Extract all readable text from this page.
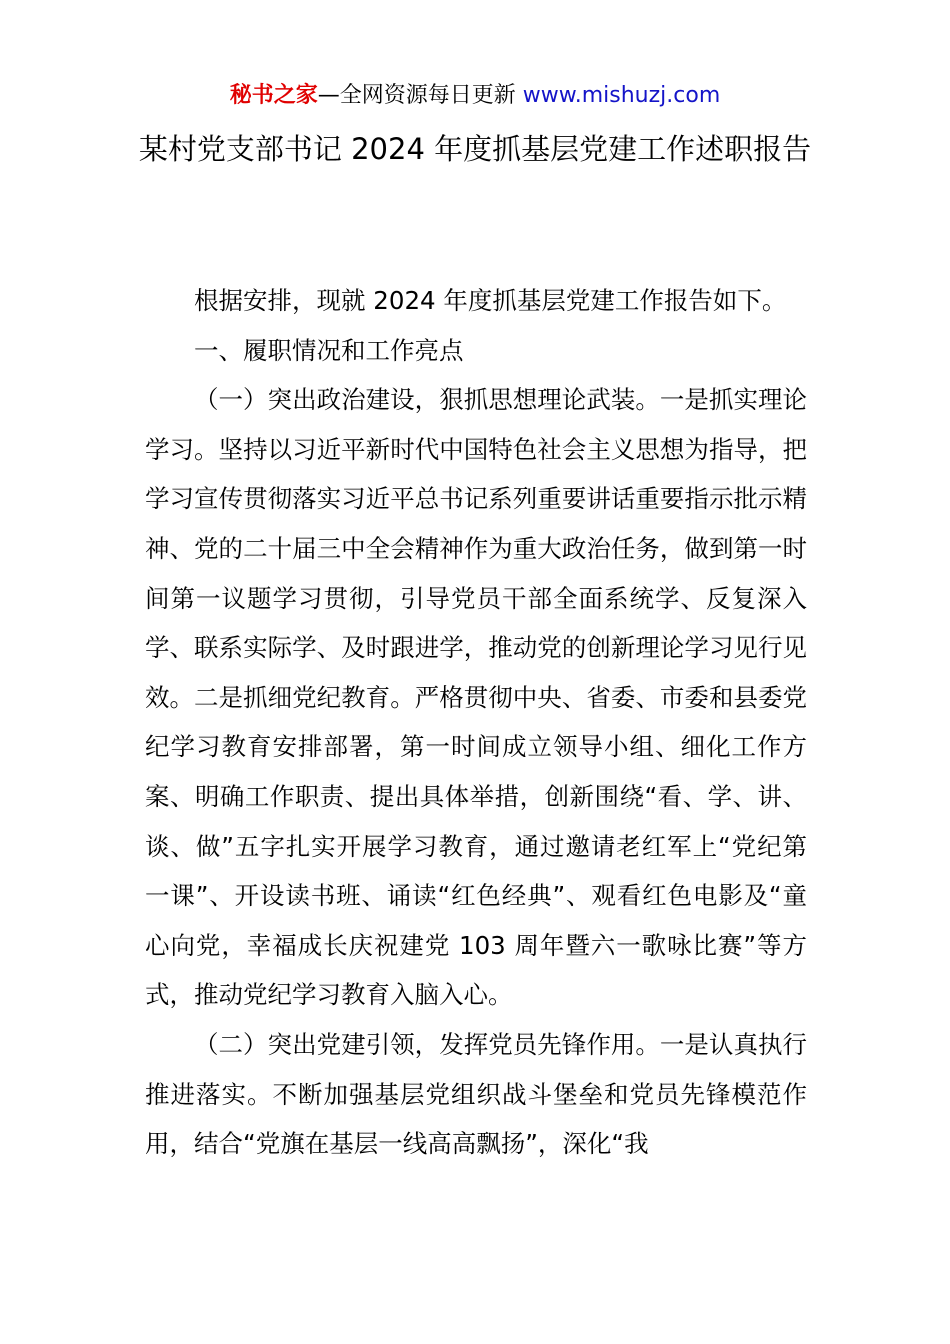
秘书之家—全网资源每日更新 www.mishuzj.com
某村党支部书记 2024 年度抓基层党建工作述职报告

根据安排，现就 2024 年度抓基层党建工作报告如下。

一、履职情况和工作亮点

（一）突出政治建设，狠抓思想理论武装。一是抓实理论学习。坚持以习近平新时代中国特色社会主义思想为指导，把学习宣传贯彻落实习近平总书记系列重要讲话重要指示批示精神、党的二十届三中全会精神作为重大政治任务，做到第一时间第一议题学习贯彻，引导党员干部全面系统学、反复深入学、联系实际学、及时跟进学，推动党的创新理论学习见行见效。二是抓细党纪教育。严格贯彻中央、省委、市委和县委党纪学习教育安排部署，第一时间成立领导小组、细化工作方案、明确工作职责、提出具体举措，创新围绕“看、学、讲、谈、做”五字扎实开展学习教育，通过邀请老红军上“党纪第一课”、开设读书班、诵读“红色经典”、观看红色电影及“童心向党，幸福成长庆祝建党 103 周年暨六一歌咏比赛”等方式，推动党纪学习教育入脑入心。

（二）突出党建引领，发挥党员先锋作用。一是认真执行推进落实。不断加强基层党组织战斗堡垒和党员先锋模范作用，结合“党旗在基层一线高高飘扬”，深化“我
